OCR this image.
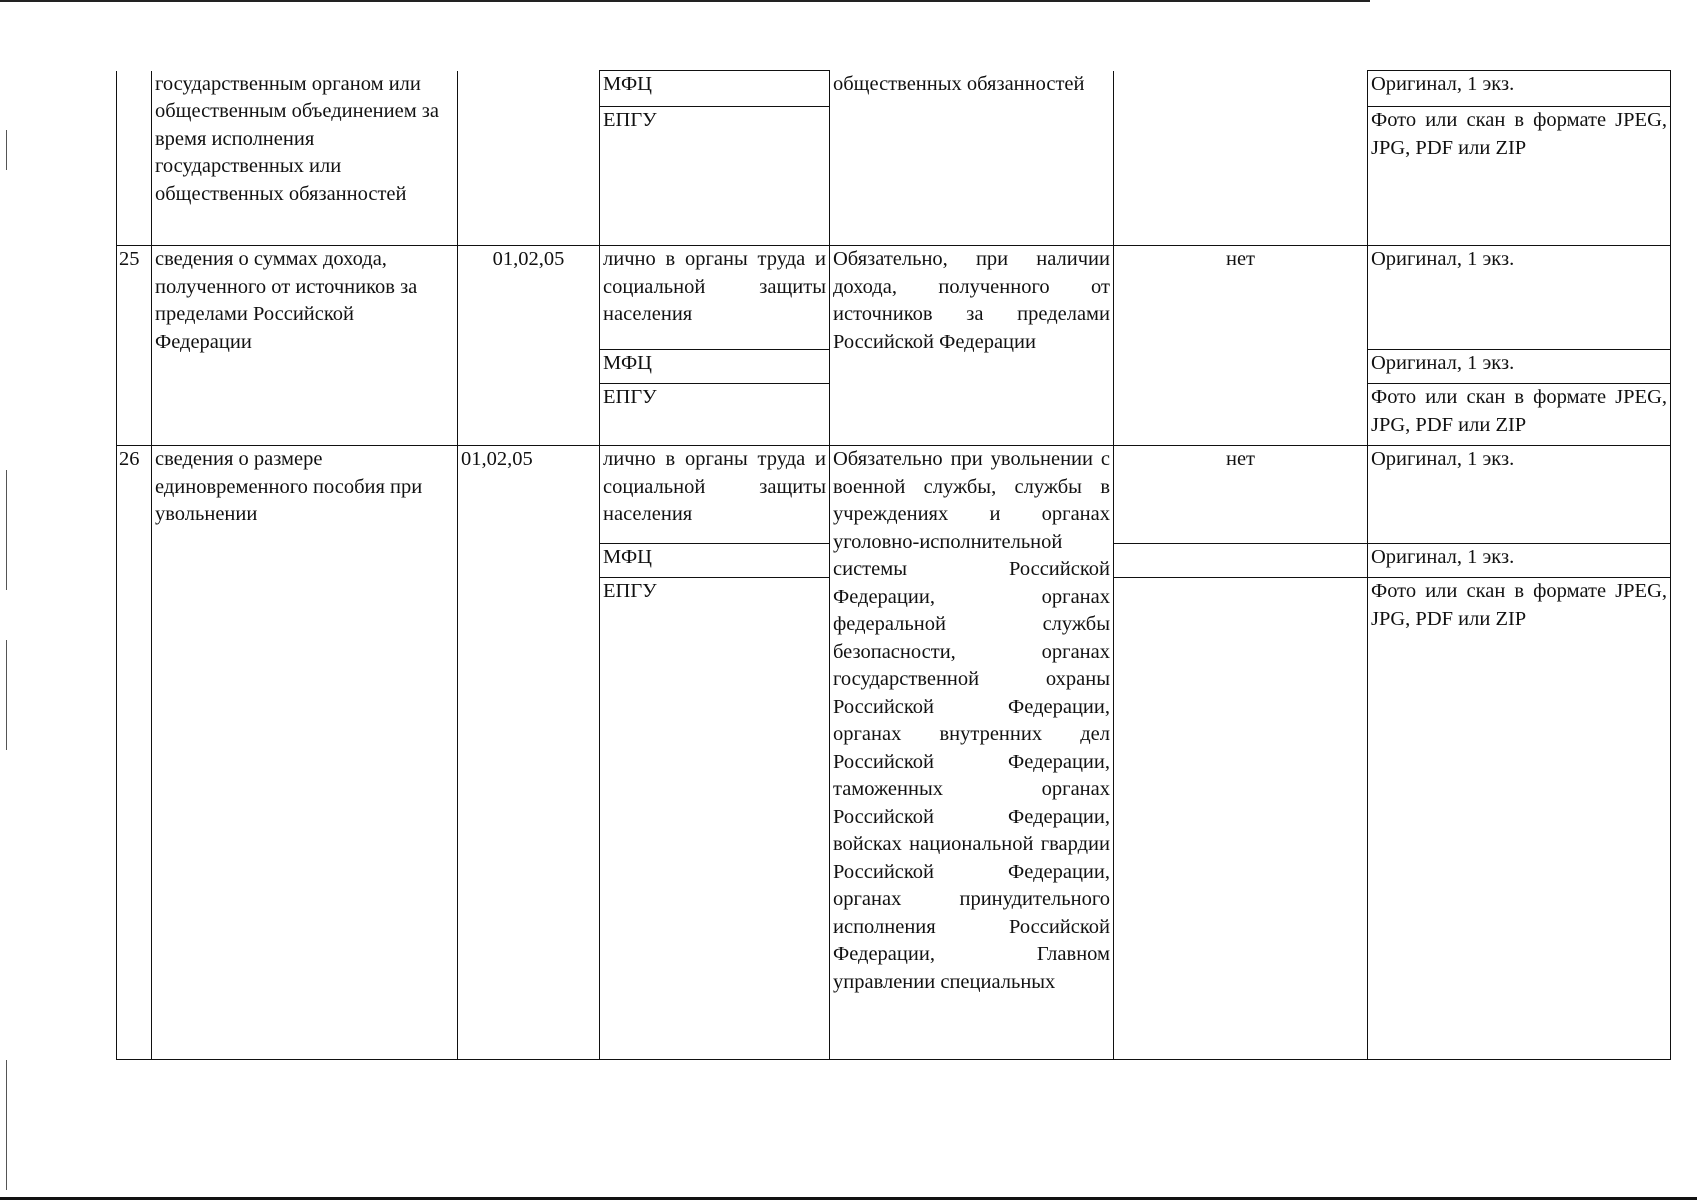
	государственным органом или общественным объединением за время исполнения государственных или общественных обязанностей		МФЦ	общественных обязанностей		Оригинал, 1 экз.
			ЕПГУ			Фото или скан в формате JPEG, JPG, PDF или ZIP
25	сведения о суммах дохода, полученного от источников за пределами Российской Федерации	01,02,05	лично в органы труда и социальной защиты населения	Обязательно, при наличии дохода, полученного от источников за пределами Российской Федерации	нет	Оригинал, 1 экз.
			МФЦ			Оригинал, 1 экз.
			ЕПГУ			Фото или скан в формате JPEG, JPG, PDF или ZIP
26	сведения о размере единовременного пособия при увольнении	01,02,05	лично в органы труда и социальной защиты населения	Обязательно при увольнении с военной службы, службы в учреждениях и органах уголовно-исполнительной системы Российской Федерации, органах федеральной службы безопасности, органах государственной охраны Российской Федерации, органах внутренних дел Российской Федерации, таможенных органах Российской Федерации, войсках национальной гвардии Российской Федерации, органах принудительного исполнения Российской Федерации, Главном управлении специальных	нет	Оригинал, 1 экз.
			МФЦ			Оригинал, 1 экз.
			ЕПГУ			Фото или скан в формате JPEG, JPG, PDF или ZIP
